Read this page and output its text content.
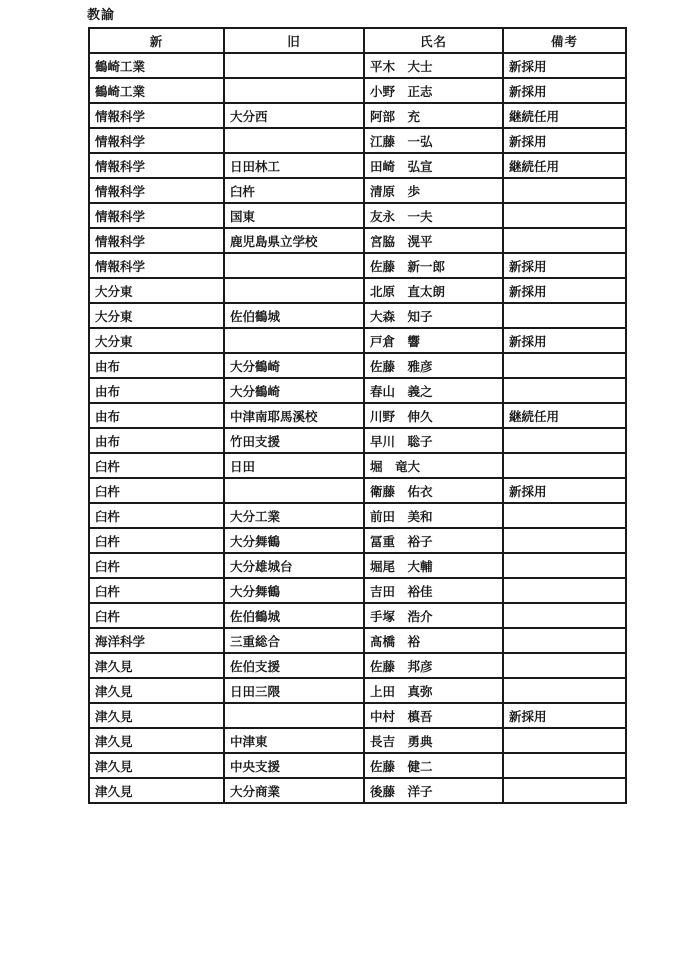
教諭
新	旧	氏名	備考
鶴崎工業		平木　大士	新採用
鶴崎工業		小野　正志	新採用
情報科学	大分西	阿部　充	継続任用
情報科学		江藤　一弘	新採用
情報科学	日田林工	田崎　弘宣	継続任用
情報科学	臼杵	清原　歩	
情報科学	国東	友永　一夫	
情報科学	鹿児島県立学校	宮脇　滉平	
情報科学		佐藤　新一郎	新採用
大分東		北原　直太朗	新採用
大分東	佐伯鶴城	大森　知子	
大分東		戸倉　響	新採用
由布	大分鶴崎	佐藤　雅彦	
由布	大分鶴崎	春山　義之	
由布	中津南耶馬溪校	川野　伸久	継続任用
由布	竹田支援	早川　聡子	
臼杵	日田	堀　竜大	
臼杵		衛藤　佑衣	新採用
臼杵	大分工業	前田　美和	
臼杵	大分舞鶴	冨重　裕子	
臼杵	大分雄城台	堀尾　大輔	
臼杵	大分舞鶴	吉田　裕佳	
臼杵	佐伯鶴城	手塚　浩介	
海洋科学	三重総合	髙橋　裕	
津久見	佐伯支援	佐藤　邦彦	
津久見	日田三隈	上田　真弥	
津久見		中村　槙吾	新採用
津久見	中津東	長吉　勇典	
津久見	中央支援	佐藤　健二	
津久見	大分商業	後藤　洋子	
